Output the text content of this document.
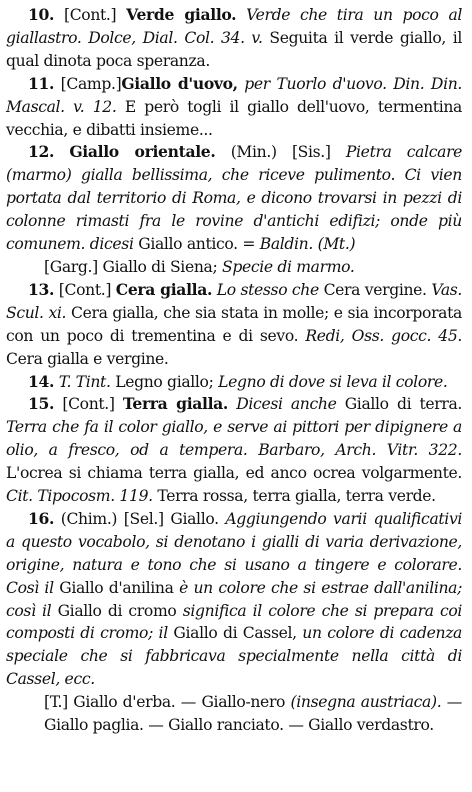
10. [Cont.] Verde giallo. Verde che tira un poco al giallastro. Dolce, Dial. Col. 34. v. Seguita il verde giallo, il qual dinota poca speranza.

11. [Camp.]Giallo d'uovo, per Tuorlo d'uovo. Din. Din. Mascal. v. 12. E però togli il giallo dell'uovo, termentina vecchia, e dibatti insieme...

12. Giallo orientale. (Min.) [Sis.] Pietra calcare (marmo) gialla bellissima, che riceve pulimento. Ci vien portata dal territorio di Roma, e dicono trovarsi in pezzi di colonne rimasti fra le rovine d'antichi edifizi; onde più comunem. dicesi Giallo antico. = Baldin. (Mt.)

[Garg.] Giallo di Siena; Specie di marmo.

13. [Cont.] Cera gialla. Lo stesso che Cera vergine. Vas. Scul. xi. Cera gialla, che sia stata in molle; e sia incorporata con un poco di trementina e di sevo. Redi, Oss. gocc. 45. Cera gialla e vergine.

14. T. Tint. Legno giallo; Legno di dove si leva il colore.

15. [Cont.] Terra gialla. Dicesi anche Giallo di terra. Terra che fa il color giallo, e serve ai pittori per dipignere a olio, a fresco, od a tempera. Barbaro, Arch. Vitr. 322. L'ocrea si chiama terra gialla, ed anco ocrea volgarmente. Cit. Tipocosm. 119. Terra rossa, terra gialla, terra verde.

16. (Chim.) [Sel.] Giallo. Aggiungendo varii qualificativi a questo vocabolo, si denotano i gialli di varia derivazione, origine, natura e tono che si usano a tingere e colorare. Così il Giallo d'anilina è un colore che si estrae dall'anilina; così il Giallo di cromo significa il colore che si prepara coi composti di cromo; il Giallo di Cassel, un colore di cadenza speciale che si fabbricava specialmente nella città di Cassel, ecc.

[T.] Giallo d'erba. — Giallo-nero (insegna austriaca). — Giallo paglia. — Giallo ranciato. — Giallo verdastro.
